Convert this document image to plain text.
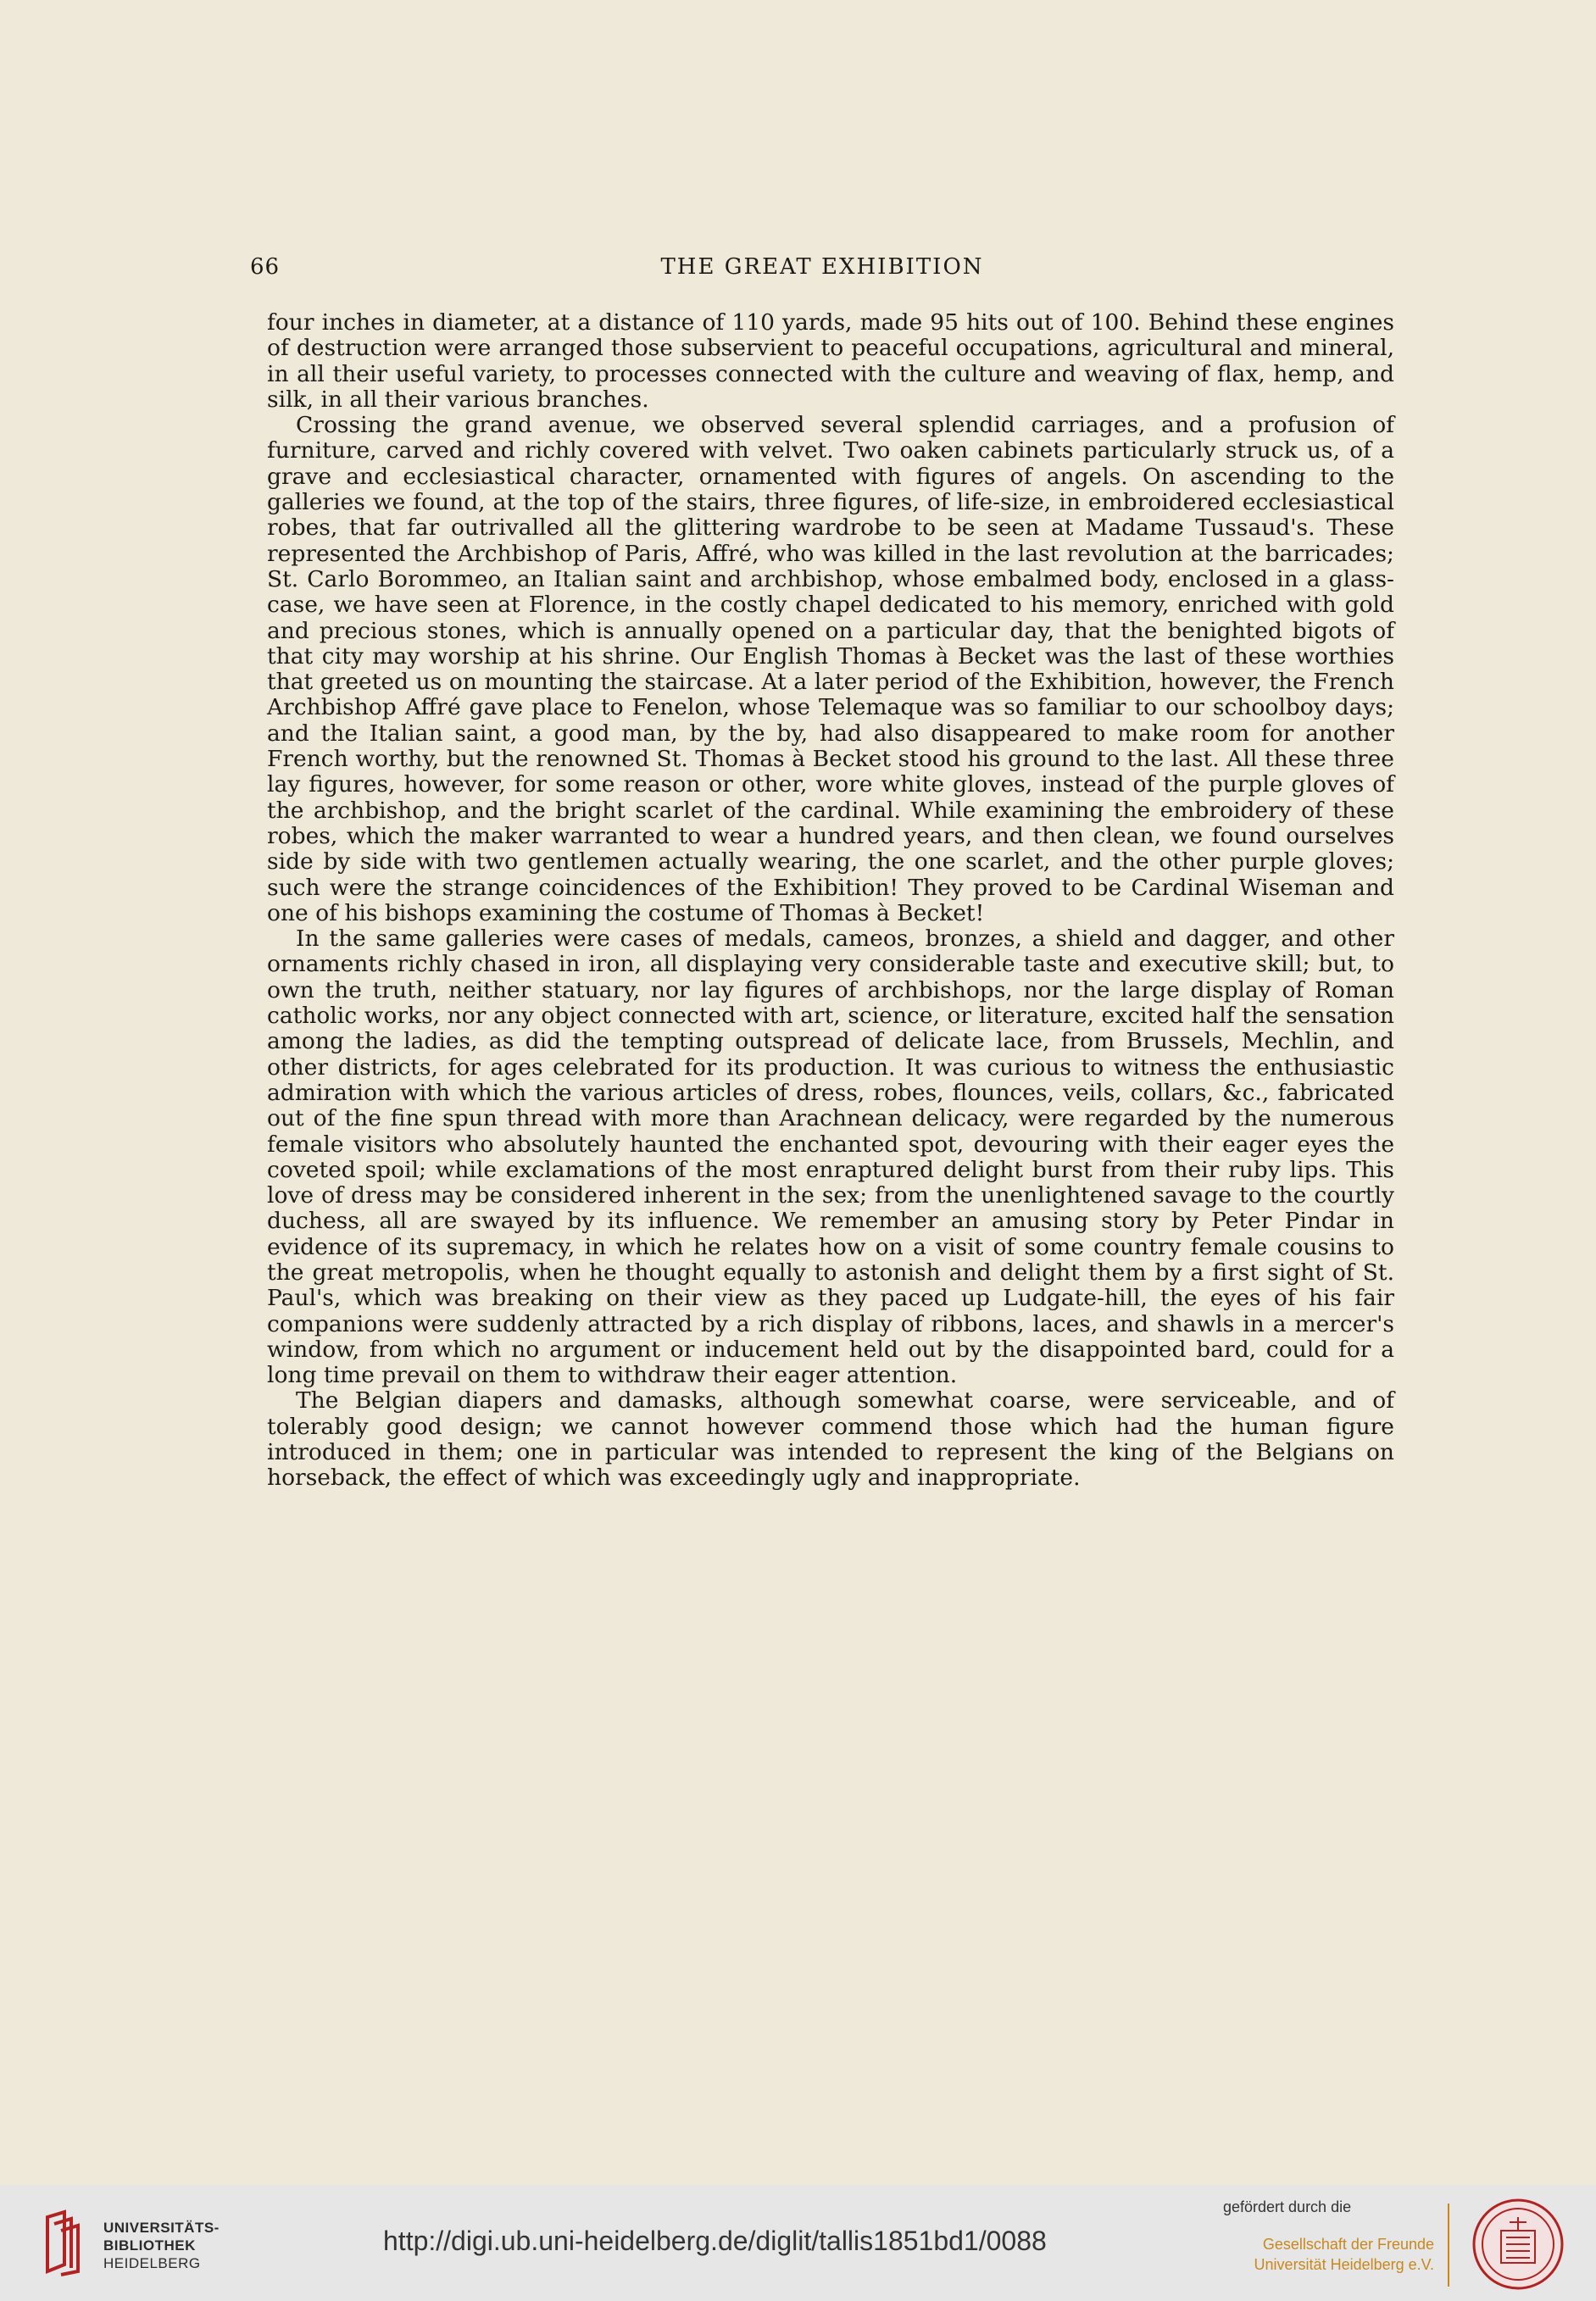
66	THE GREAT EXHIBITION

four inches in diameter, at a distance of 110 yards, made 95 hits out of 100. Behind these engines of destruction were arranged those subservient to peaceful occupations, agricultural and mineral, in all their useful variety, to processes connected with the culture and weaving of flax, hemp, and silk, in all their various branches.

Crossing the grand avenue, we observed several splendid carriages, and a profusion of furniture, carved and richly covered with velvet. Two oaken cabinets particularly struck us, of a grave and ecclesiastical character, ornamented with figures of angels. On ascending to the galleries we found, at the top of the stairs, three figures, of life-size, in embroidered ecclesiastical robes, that far outrivalled all the glittering wardrobe to be seen at Madame Tussaud's. These represented the Archbishop of Paris, Affré, who was killed in the last revolution at the barricades; St. Carlo Borommeo, an Italian saint and archbishop, whose embalmed body, enclosed in a glass-case, we have seen at Florence, in the costly chapel dedicated to his memory, enriched with gold and precious stones, which is annually opened on a particular day, that the benighted bigots of that city may worship at his shrine. Our English Thomas à Becket was the last of these worthies that greeted us on mounting the staircase. At a later period of the Exhibition, however, the French Archbishop Affré gave place to Fenelon, whose Telemaque was so familiar to our schoolboy days; and the Italian saint, a good man, by the by, had also disappeared to make room for another French worthy, but the renowned St. Thomas à Becket stood his ground to the last. All these three lay figures, however, for some reason or other, wore white gloves, instead of the purple gloves of the archbishop, and the bright scarlet of the cardinal. While examining the embroidery of these robes, which the maker warranted to wear a hundred years, and then clean, we found ourselves side by side with two gentlemen actually wearing, the one scarlet, and the other purple gloves; such were the strange coincidences of the Exhibition! They proved to be Cardinal Wiseman and one of his bishops examining the costume of Thomas à Becket!

In the same galleries were cases of medals, cameos, bronzes, a shield and dagger, and other ornaments richly chased in iron, all displaying very considerable taste and executive skill; but, to own the truth, neither statuary, nor lay figures of archbishops, nor the large display of Roman catholic works, nor any object connected with art, science, or literature, excited half the sensation among the ladies, as did the tempting outspread of delicate lace, from Brussels, Mechlin, and other districts, for ages celebrated for its production. It was curious to witness the enthusiastic admiration with which the various articles of dress, robes, flounces, veils, collars, &c., fabricated out of the fine spun thread with more than Arachnean delicacy, were regarded by the numerous female visitors who absolutely haunted the enchanted spot, devouring with their eager eyes the coveted spoil; while exclamations of the most enraptured delight burst from their ruby lips. This love of dress may be considered inherent in the sex; from the unenlightened savage to the courtly duchess, all are swayed by its influence. We remember an amusing story by Peter Pindar in evidence of its supremacy, in which he relates how on a visit of some country female cousins to the great metropolis, when he thought equally to astonish and delight them by a first sight of St. Paul's, which was breaking on their view as they paced up Ludgate-hill, the eyes of his fair companions were suddenly attracted by a rich display of ribbons, laces, and shawls in a mercer's window, from which no argument or inducement held out by the disappointed bard, could for a long time prevail on them to withdraw their eager attention.

The Belgian diapers and damasks, although somewhat coarse, were serviceable, and of tolerably good design; we cannot however commend those which had the human figure introduced in them; one in particular was intended to represent the king of the Belgians on horseback, the effect of which was exceedingly ugly and inappropriate.

UNIVERSITÄTS-
BIBLIOTHEK
HEIDELBERG
http://digi.ub.uni-heidelberg.de/diglit/tallis1851bd1/0088
gefördert durch die
Gesellschaft der Freunde
Universität Heidelberg e.V.
